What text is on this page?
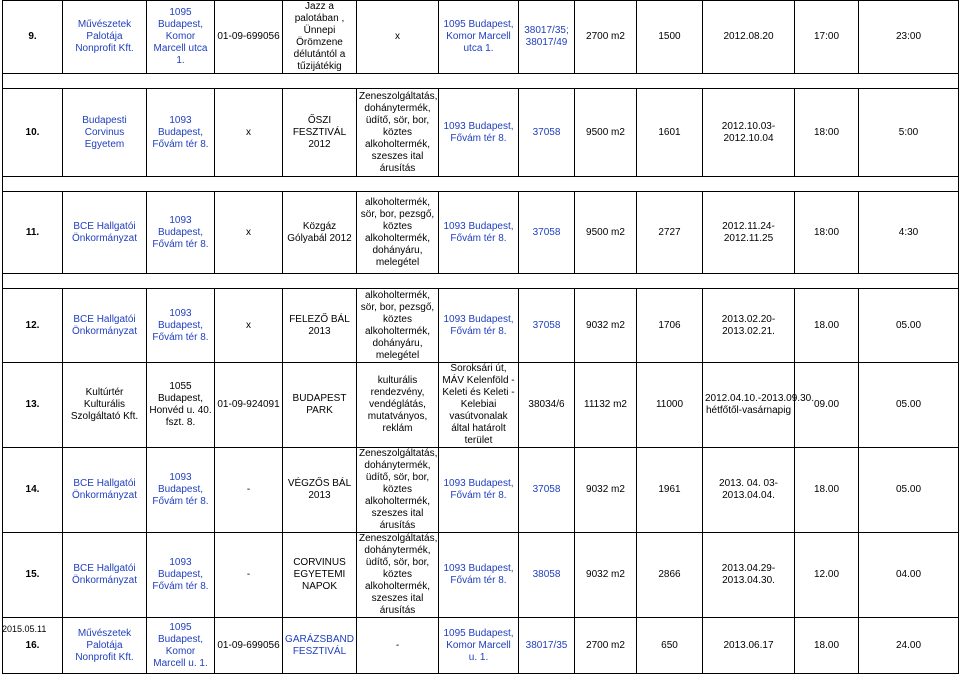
9.	Művészetek Palotája Nonprofit Kft.	1095 Budapest, Komor Marcell utca 1.	01-09-699056	Jazz a palotában , Ünnepi Örömzene délutántól a tűzijátékig	x	1095 Budapest, Komor Marcell utca 1.	38017/35; 38017/49	2700 m2	1500	2012.08.20	17:00	23:00

10.	Budapesti Corvinus Egyetem	1093 Budapest, Fővám tér 8.	x	ŐSZI FESZTIVÁL 2012	Zeneszolgáltatás, dohánytermék, üdítő, sör, bor, köztes alkoholtermék, szeszes ital árusítás	1093 Budapest, Fővám tér 8.	37058	9500 m2	1601	2012.10.03-2012.10.04	18:00	5:00

11.	BCE Hallgatói Önkormányzat	1093 Budapest, Fővám tér 8.	x	Közgáz Gólyabál 2012	alkoholtermék, sör, bor, pezsgő, köztes alkoholtermék, dohányáru, melegétel	1093 Budapest, Fővám tér 8.	37058	9500 m2	2727	2012.11.24-2012.11.25	18:00	4:30

12.	BCE Hallgatói Önkormányzat	1093 Budapest, Fővám tér 8.	x	FELEZŐ BÁL 2013	alkoholtermék, sör, bor, pezsgő, köztes alkoholtermék, dohányáru, melegétel	1093 Budapest, Fővám tér 8.	37058	9032 m2	1706	2013.02.20-2013.02.21.	18.00	05.00
13.	Kultúrtér Kulturális Szolgáltató Kft.	1055 Budapest, Honvéd u. 40. fszt. 8.	01-09-924091	BUDAPEST PARK	kulturális rendezvény, vendéglátás, mutatványos, reklám	Soroksári út, MÁV Kelenföld - Keleti és Keleti - Kelebiai vasútvonalak által határolt terület	38034/6	11132 m2	11000	2012.04.10.-2013.09.30. hétfőtől-vasárnapig	09.00	05.00
14.	BCE Hallgatói Önkormányzat	1093 Budapest, Fővám tér 8.	-	VÉGZŐS BÁL 2013	Zeneszolgáltatás, dohánytermék, üdítő, sör, bor, köztes alkoholtermék, szeszes ital árusítás	1093 Budapest, Fővám tér 8.	37058	9032 m2	1961	2013. 04. 03-2013.04.04.	18.00	05.00
15.	BCE Hallgatói Önkormányzat	1093 Budapest, Fővám tér 8.	-	CORVINUS EGYETEMI NAPOK	Zeneszolgáltatás, dohánytermék, üdítő, sör, bor, köztes alkoholtermék, szeszes ital árusítás	1093 Budapest, Fővám tér 8.	38058	9032 m2	2866	2013.04.29-2013.04.30.	12.00	04.00
16.	Művészetek Palotája Nonprofit Kft.	1095 Budapest, Komor Marcell u. 1.	01-09-699056	GARÁZSBAND FESZTIVÁL	-	1095 Budapest, Komor Marcell u. 1.	38017/35	2700 m2	650	2013.06.17	18.00	24.00
2015.05.11
